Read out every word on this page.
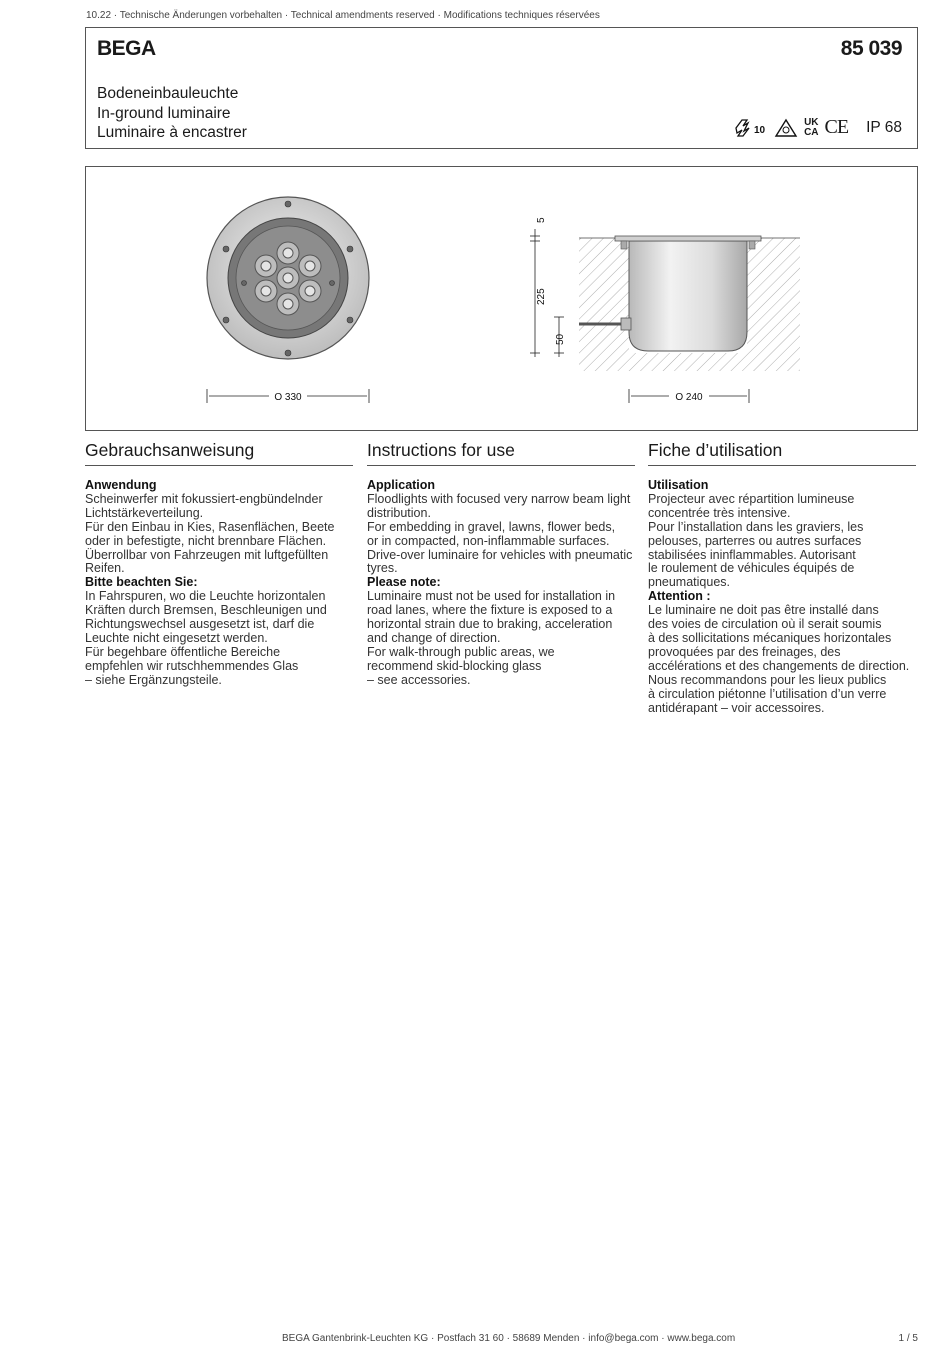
10.22 · Technische Änderungen vorbehalten · Technical amendments reserved · Modifications techniques réservées
BEGA	85 039
Bodeneinbauleuchte
In-ground luminaire
Luminaire à encastrer	10
UK
CA CE IP 68
O 330
5
225
50
O 240
Gebrauchsanweisung

Anwendung

Scheinwerfer mit fokussiert-engbündelnder

Lichtstärkeverteilung.

Für den Einbau in Kies, Rasenflächen, Beete

oder in befestigte, nicht brennbare Flächen.

Überrollbar von Fahrzeugen mit luftgefüllten

Reifen.

Bitte beachten Sie:

In Fahrspuren, wo die Leuchte horizontalen

Kräften durch Bremsen, Beschleunigen und

Richtungswechsel ausgesetzt ist, darf die

Leuchte nicht eingesetzt werden.

Für begehbare öffentliche Bereiche

empfehlen wir rutschhemmendes Glas

– siehe Ergänzungsteile.

Instructions for use

Application

Floodlights with focused very narrow beam light

distribution.

For embedding in gravel, lawns, flower beds,

or in compacted, non-inflammable surfaces.

Drive-over luminaire for vehicles with pneumatic

tyres.

Please note:

Luminaire must not be used for installation in

road lanes, where the fixture is exposed to a

horizontal strain due to braking, acceleration

and change of direction.

For walk-through public areas, we

recommend skid-blocking glass

– see accessories.

Fiche d’utilisation

Utilisation

Projecteur avec répartition lumineuse

concentrée très intensive.

Pour l’installation dans les graviers, les

pelouses, parterres ou autres surfaces

stabilisées ininflammables. Autorisant

le roulement de véhicules équipés de

pneumatiques.

Attention :

Le luminaire ne doit pas être installé dans

des voies de circulation où il serait soumis

à des sollicitations mécaniques horizontales

provoquées par des freinages, des

accélérations et des changements de direction.

Nous recommandons pour les lieux publics

à circulation piétonne l’utilisation d’un verre

antidérapant – voir accessoires.

BEGA Gantenbrink-Leuchten KG · Postfach 31 60 · 58689 Menden · info@bega.com · www.bega.com	1 / 5
